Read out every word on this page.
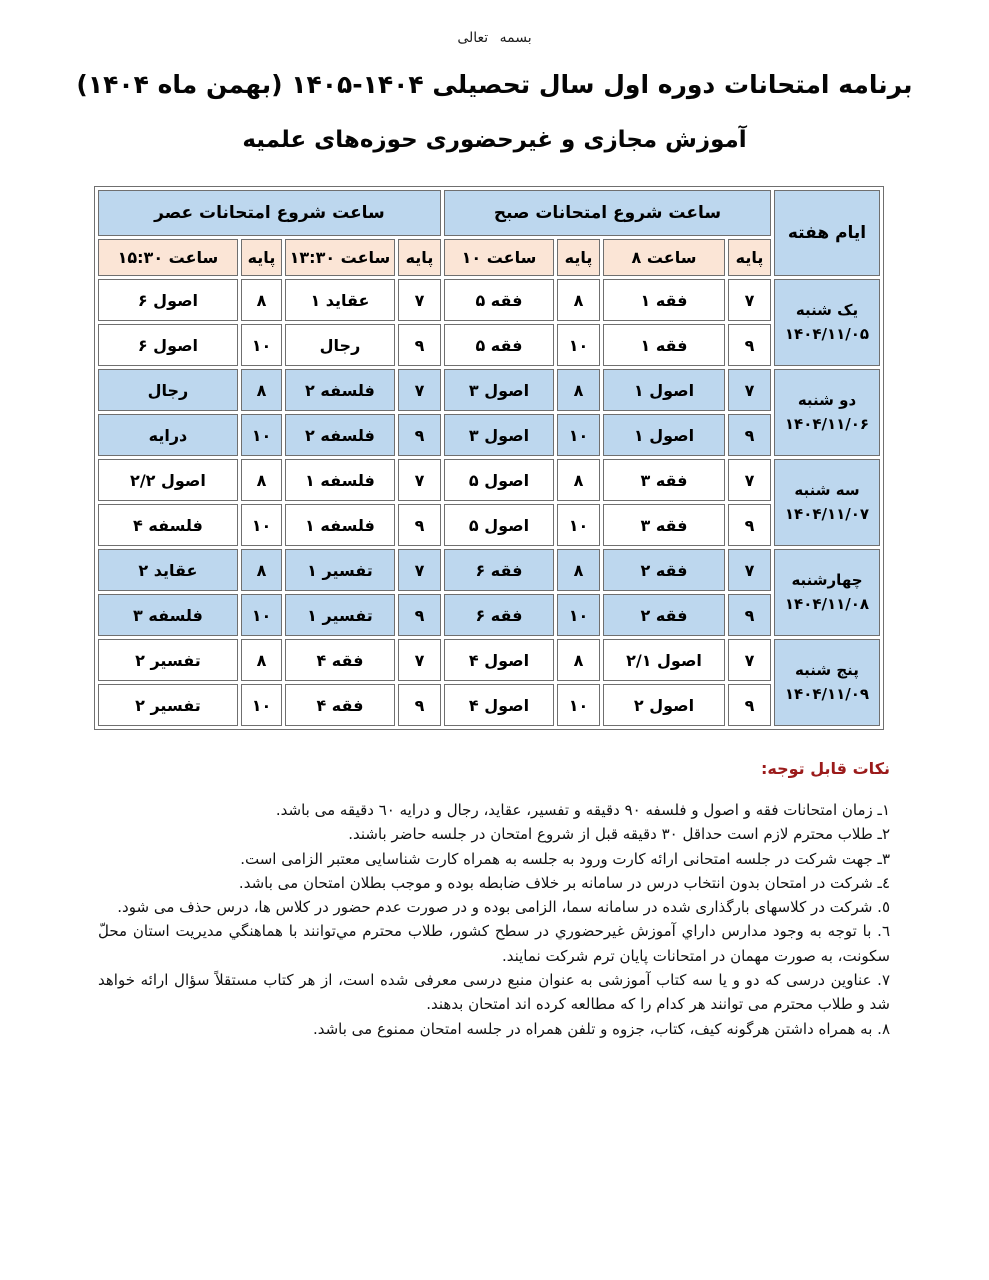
بسمه تعالی
برنامه امتحانات دوره اول سال تحصیلی ۱۴۰۴-۱۴۰۵ (بهمن ماه ۱۴۰۴)
آموزش مجازی و غیرحضوری حوزه‌های علمیه
ایام هفته	ساعت شروع امتحانات صبح				ساعت شروع امتحانات عصر			
	پایه	ساعت ۸	پایه	ساعت ۱۰	پایه	ساعت ۱۳:۳۰	پایه	ساعت ۱۵:۳۰

یک شنبه
۱۴۰۴/۱۱/۰۵	۷	فقه ۱	۸	فقه ۵	۷	عقاید ۱	۸	اصول ۶
	۹	فقه ۱	۱۰	فقه ۵	۹	رجال	۱۰	اصول ۶

دو شنبه
۱۴۰۴/۱۱/۰۶	۷	اصول ۱	۸	اصول ۳	۷	فلسفه ۲	۸	رجال
	۹	اصول ۱	۱۰	اصول ۳	۹	فلسفه ۲	۱۰	درایه

سه شنبه
۱۴۰۴/۱۱/۰۷	۷	فقه ۳	۸	اصول ۵	۷	فلسفه ۱	۸	اصول ۲/۲
	۹	فقه ۳	۱۰	اصول ۵	۹	فلسفه ۱	۱۰	فلسفه ۴

چهارشنبه
۱۴۰۴/۱۱/۰۸	۷	فقه ۲	۸	فقه ۶	۷	تفسیر ۱	۸	عقاید ۲
	۹	فقه ۲	۱۰	فقه ۶	۹	تفسیر ۱	۱۰	فلسفه ۳

پنج شنبه
۱۴۰۴/۱۱/۰۹	۷	اصول ۲/۱	۸	اصول ۴	۷	فقه ۴	۸	تفسیر ۲
	۹	اصول ۲	۱۰	اصول ۴	۹	فقه ۴	۱۰	تفسیر ۲
نکات قابل توجه:
١ـ زمان امتحانات فقه و اصول و فلسفه ٩٠ دقیقه و تفسیر، عقاید، رجال و درایه ٦٠ دقیقه می باشد.
٢ـ طلاب محترم لازم است حداقل ٣٠ دقیقه قبل از شروع امتحان در جلسه حاضر باشند.
٣ـ جهت شرکت در جلسه امتحانی ارائه کارت ورود به جلسه به همراه کارت شناسایی معتبر الزامی است.
٤ـ شرکت در امتحان بدون انتخاب درس در سامانه بر خلاف ضابطه بوده و موجب بطلان امتحان می باشد.
٥. شرکت در کلاسهای بارگذاری شده در سامانه سما، الزامی بوده و در صورت عدم حضور در کلاس ها، درس حذف می شود.
٦. با توجه به وجود مدارس داراي آموزش غيرحضوري در سطح کشور، طلاب محترم مي‌توانند با هماهنگي مديريت استان محلّ سکونت، به صورت مهمان در امتحانات پایان ترم شرکت نمایند.
٧. عناوین درسی که دو و یا سه کتاب آموزشی به عنوان منبع درسی معرفی شده است، از هر کتاب مستقلاً سؤال ارائه خواهد شد و طلاب محترم می توانند هر کدام را که مطالعه کرده اند امتحان بدهند.
٨. به همراه داشتن هرگونه کیف، کتاب، جزوه و تلفن همراه در جلسه امتحان ممنوع می باشد.
